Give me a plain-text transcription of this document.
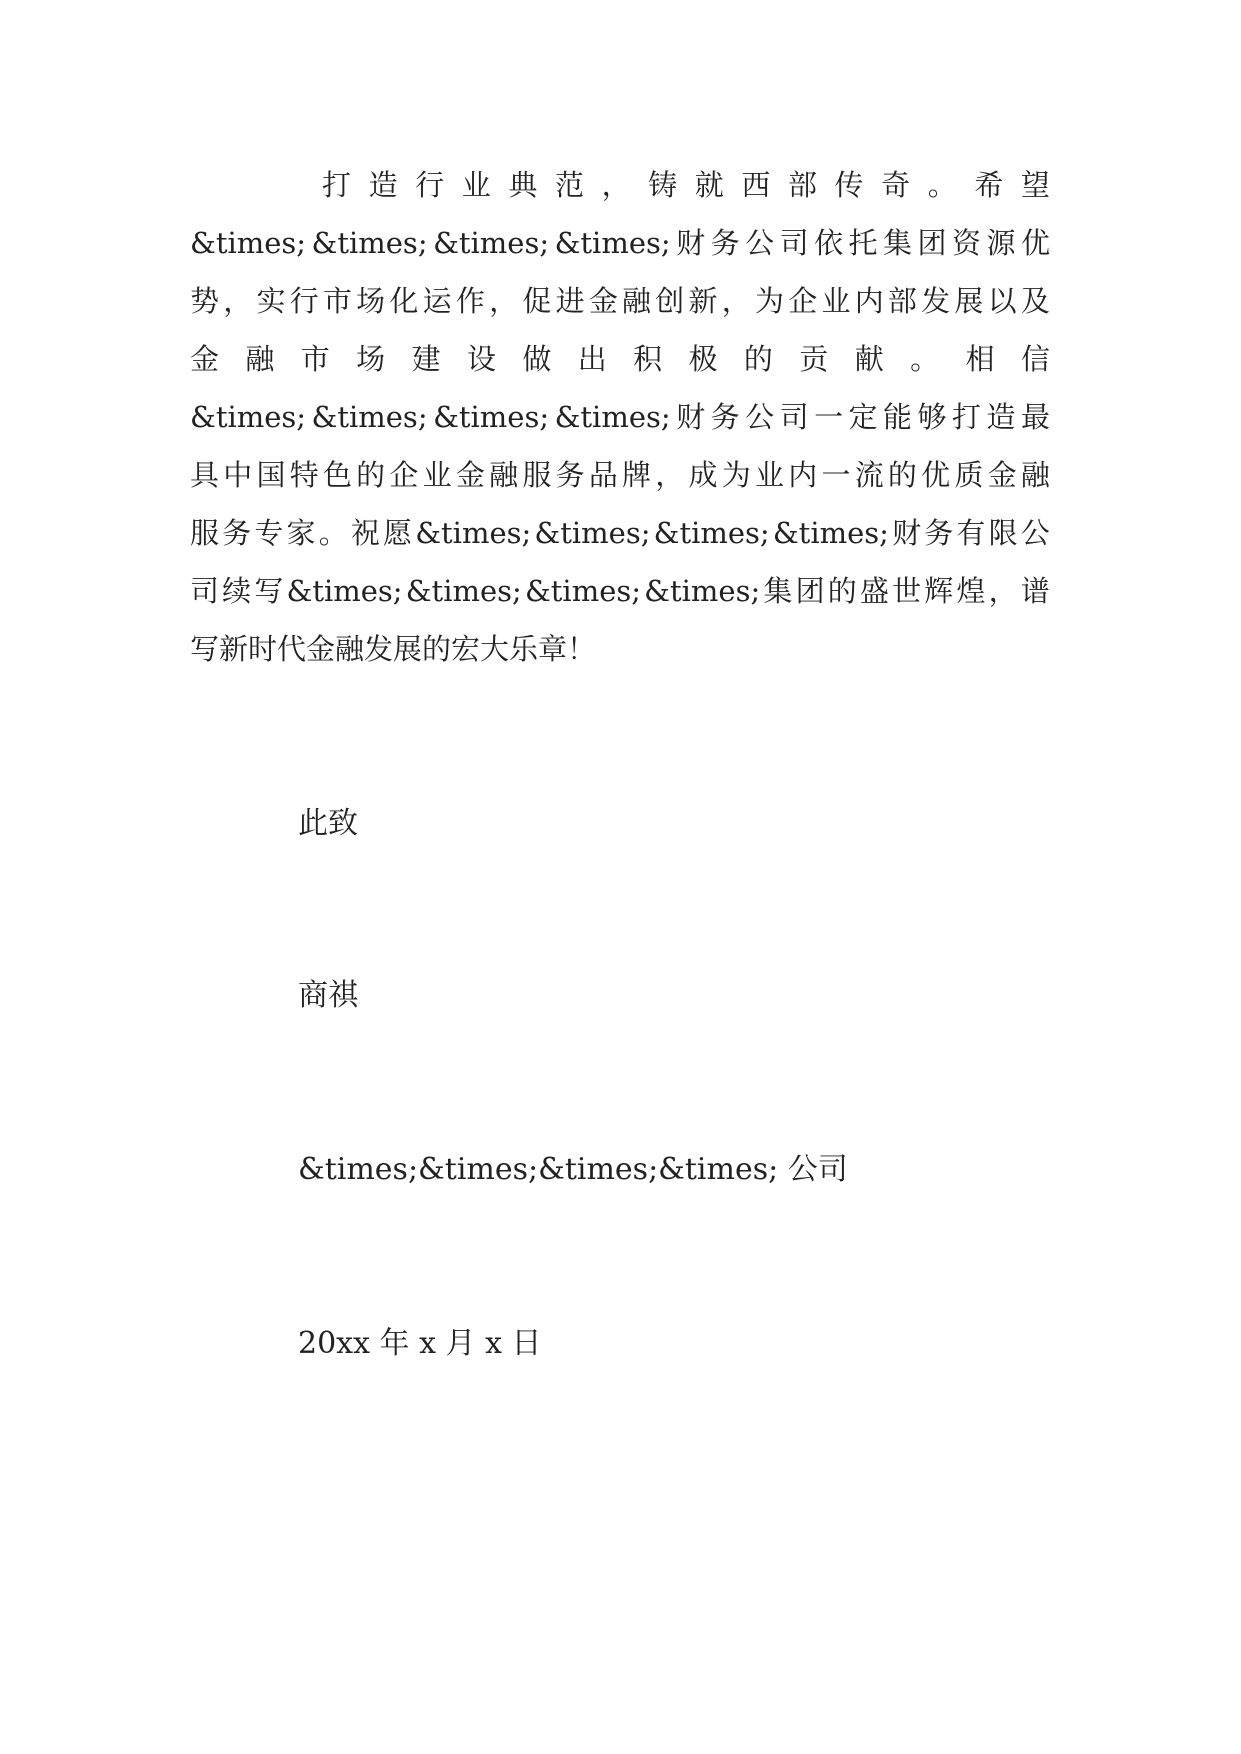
打 造 行 业 典 范 ， 铸 就 西 部 传 奇 。 希 望
&times; &times; &times; &times; 财 务 公 司 依 托 集 团 资 源 优
势 ， 实 行 市 场 化 运 作 ， 促 进 金 融 创 新 ， 为 企 业 内 部 发 展 以 及
金 融 市 场 建 设 做 出 积 极 的 贡 献 。 相 信
&times; &times; &times; &times; 财 务 公 司 一 定 能 够 打 造 最
具 中 国 特 色 的 企 业 金 融 服 务 品 牌 ， 成 为 业 内 一 流 的 优 质 金 融
服 务 专 家 。 祝 愿 &times; &times; &times; &times; 财 务 有 限 公
司 续 写 &times; &times; &times; &times; 集 团 的 盛 世 辉 煌 ， 谱
写新时代金融发展的宏大乐章！
此致
商祺
&times;&times;&times;&times; 公司
20xx 年 x 月 x 日
